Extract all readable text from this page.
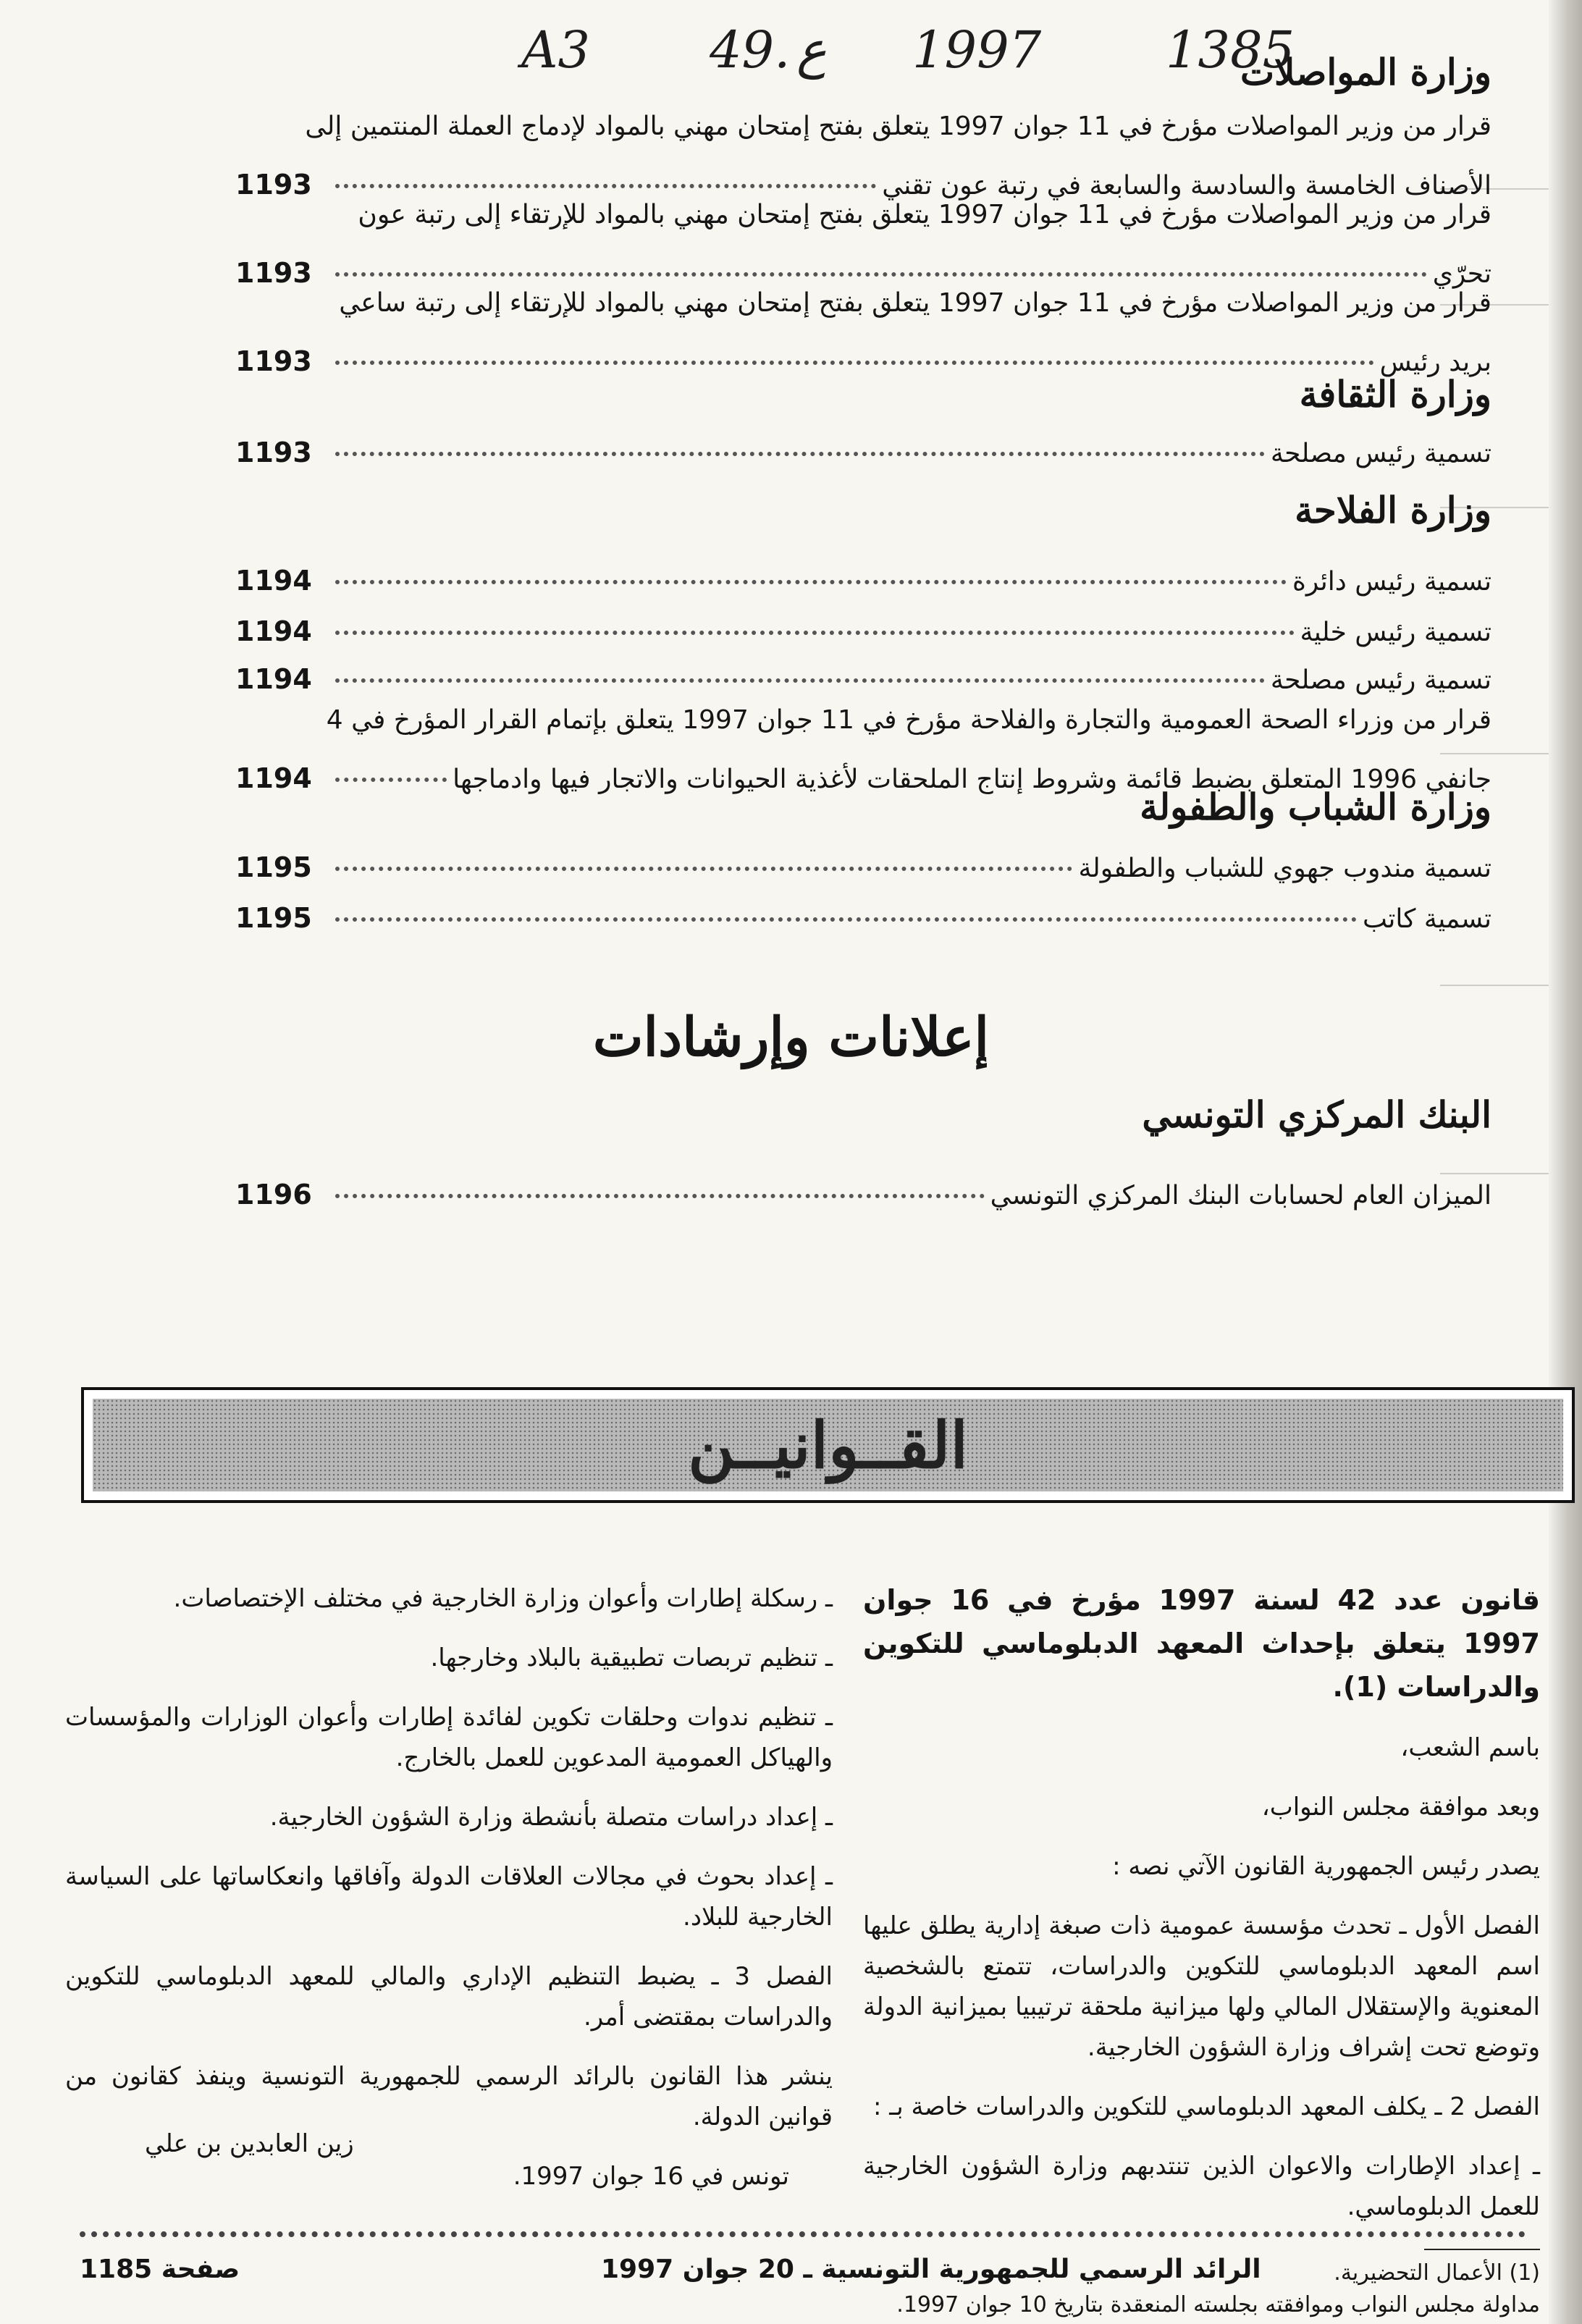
A3 49. ع 1997 1385
وزارة المواصلات
قرار من وزير المواصلات مؤرخ في 11 جوان 1997 يتعلق بفتح إمتحان مهني بالمواد لإدماج العملة المنتمين إلى
الأصناف الخامسة والسادسة والسابعة في رتبة عون تقني
1193
قرار من وزير المواصلات مؤرخ في 11 جوان 1997 يتعلق بفتح إمتحان مهني بالمواد للإرتقاء إلى رتبة عون
تحرّي
1193
قرار من وزير المواصلات مؤرخ في 11 جوان 1997 يتعلق بفتح إمتحان مهني بالمواد للإرتقاء إلى رتبة ساعي
بريد رئيس
1193
وزارة الثقافة
تسمية رئيس مصلحة
1193
وزارة الفلاحة
تسمية رئيس دائرة
1194
تسمية رئيس خلية
1194
تسمية رئيس مصلحة
1194
قرار من وزراء الصحة العمومية والتجارة والفلاحة مؤرخ في 11 جوان 1997 يتعلق بإتمام القرار المؤرخ في 4
جانفي 1996 المتعلق بضبط قائمة وشروط إنتاج الملحقات لأغذية الحيوانات والاتجار فيها وادماجها
1194
وزارة الشباب والطفولة
تسمية مندوب جهوي للشباب والطفولة
1195
تسمية كاتب
1195
إعلانات وإرشادات
البنك المركزي التونسي
الميزان العام لحسابات البنك المركزي التونسي
1196
القــوانيــن

قانون عدد 42 لسنة 1997 مؤرخ في 16 جوان 1997 يتعلق بإحداث المعهد الدبلوماسي للتكوين والدراسات (1).

باسم الشعب،

وبعد موافقة مجلس النواب،

يصدر رئيس الجمهورية القانون الآتي نصه :

الفصل الأول ـ تحدث مؤسسة عمومية ذات صبغة إدارية يطلق عليها اسم المعهد الدبلوماسي للتكوين والدراسات، تتمتع بالشخصية المعنوية والإستقلال المالي ولها ميزانية ملحقة ترتيبيا بميزانية الدولة وتوضع تحت إشراف وزارة الشؤون الخارجية.

الفصل 2 ـ يكلف المعهد الدبلوماسي للتكوين والدراسات خاصة بـ :

ـ إعداد الإطارات والاعوان الذين تنتدبهم وزارة الشؤون الخارجية للعمل الدبلوماسي.

(1) الأعمال التحضيرية.

مداولة مجلس النواب وموافقته بجلسته المنعقدة بتاريخ 10 جوان 1997.

ـ رسكلة إطارات وأعوان وزارة الخارجية في مختلف الإختصاصات.

ـ تنظيم تربصات تطبيقية بالبلاد وخارجها.

ـ تنظيم ندوات وحلقات تكوين لفائدة إطارات وأعوان الوزارات والمؤسسات والهياكل العمومية المدعوين للعمل بالخارج.

ـ إعداد دراسات متصلة بأنشطة وزارة الشؤون الخارجية.

ـ إعداد بحوث في مجالات العلاقات الدولة وآفاقها وانعكاساتها على السياسة الخارجية للبلاد.

الفصل 3 ـ يضبط التنظيم الإداري والمالي للمعهد الدبلوماسي للتكوين والدراسات بمقتضى أمر.

ينشر هذا القانون بالرائد الرسمي للجمهورية التونسية وينفذ كقانون من قوانين الدولة.

تونس في 16 جوان 1997.

زين العابدين بن علي
الرائد الرسمي للجمهورية التونسية ـ 20 جوان 1997
صفحة 1185
